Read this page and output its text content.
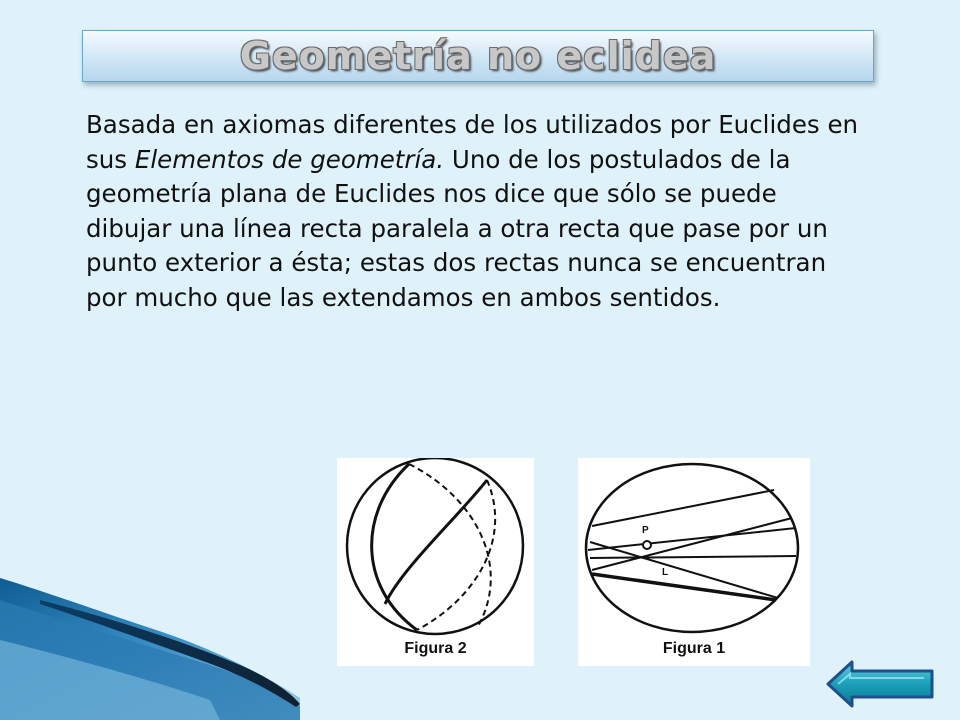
Geometría no eclidea

Basada en axiomas diferentes de los utilizados por Euclides en sus Elementos de geometría. Uno de los postulados de la geometría plana de Euclides nos dice que sólo se puede dibujar una línea recta paralela a otra recta que pase por un punto exterior a ésta; estas dos rectas nunca se encuentran por mucho que las extendamos en ambos sentidos.

Figura 2
P
L
Figura 1
